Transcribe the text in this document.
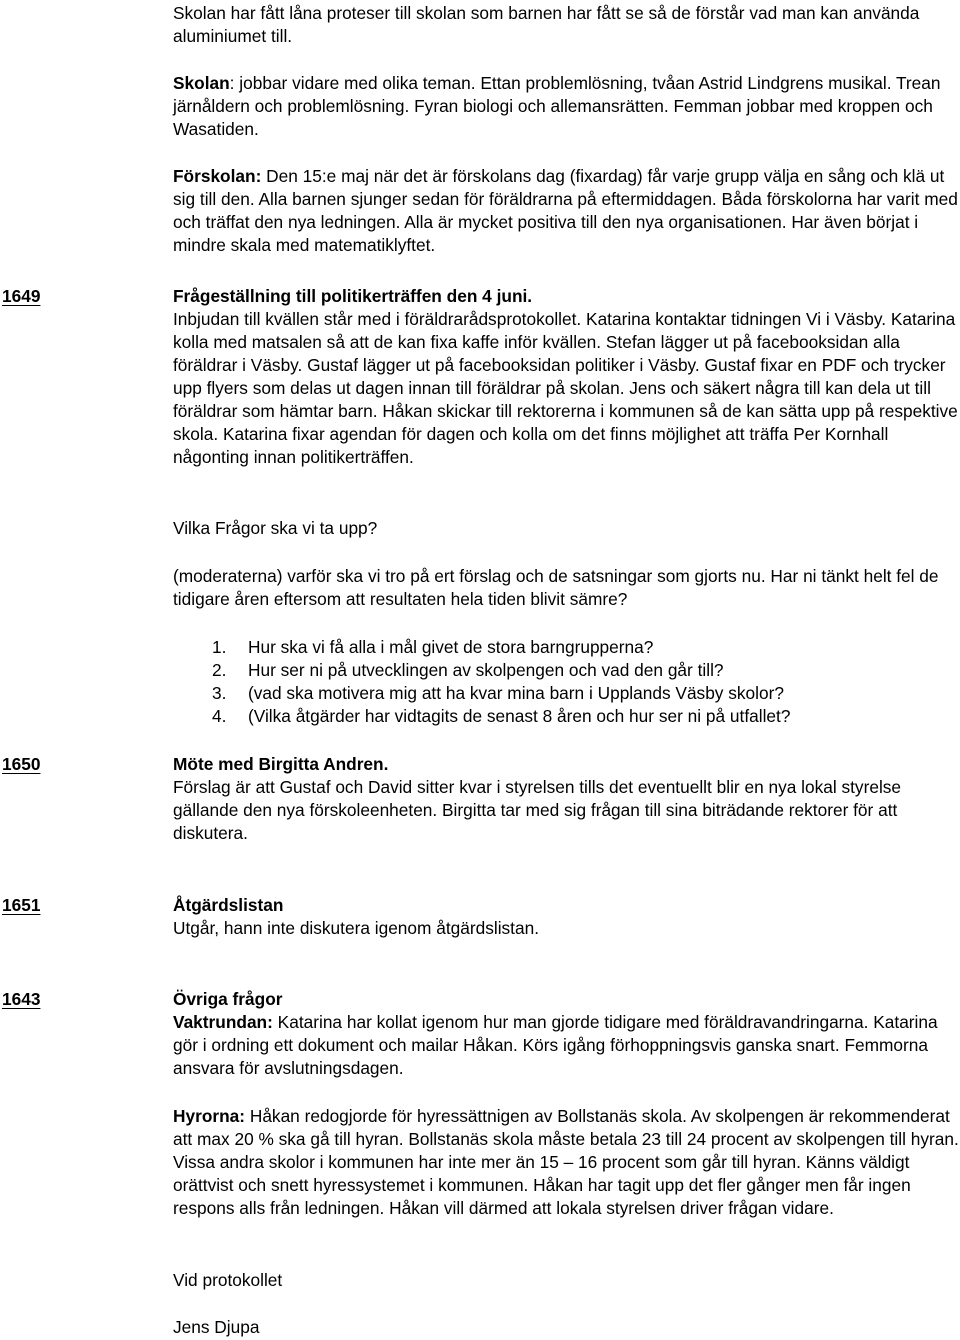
Skolan har fått låna proteser till skolan som barnen har fått se så de förstår vad man kan använda aluminiumet till.

Skolan: jobbar vidare med olika teman. Ettan problemlösning, tvåan Astrid Lindgrens musikal. Trean järnåldern och problemlösning. Fyran biologi och allemansrätten. Femman jobbar med kroppen och Wasatiden.

Förskolan: Den 15:e maj när det är förskolans dag (fixardag) får varje grupp välja en sång och klä ut sig till den. Alla barnen sjunger sedan för föräldrarna på eftermiddagen. Båda förskolorna har varit med och träffat den nya ledningen. Alla är mycket positiva till den nya organisationen. Har även börjat i mindre skala med matematiklyftet.

1649	Frågeställning till politikerträffen den 4 juni.

Inbjudan till kvällen står med i föräldrarådsprotokollet. Katarina kontaktar tidningen Vi i Väsby. Katarina kolla med matsalen så att de kan fixa kaffe inför kvällen. Stefan lägger ut på facebooksidan alla föräldrar i Väsby. Gustaf lägger ut på facebooksidan politiker i Väsby. Gustaf fixar en PDF och trycker upp flyers som delas ut dagen innan till föräldrar på skolan. Jens och säkert några till kan dela ut till föräldrar som hämtar barn. Håkan skickar till rektorerna i kommunen så de kan sätta upp på respektive skola. Katarina fixar agendan för dagen och kolla om det finns möjlighet att träffa Per Kornhall någonting innan politikerträffen.

Vilka Frågor ska vi ta upp?

(moderaterna) varför ska vi tro på ert förslag och de satsningar som gjorts nu. Har ni tänkt helt fel de tidigare åren eftersom att resultaten hela tiden blivit sämre?

1. Hur ska vi få alla i mål givet de stora barngrupperna?
2. Hur ser ni på utvecklingen av skolpengen och vad den går till?
3. (vad ska motivera mig att ha kvar mina barn i Upplands Väsby skolor?
4. (Vilka åtgärder har vidtagits de senast 8 åren och hur ser ni på utfallet?
1650	Möte med Birgitta Andren.

Förslag är att Gustaf och David sitter kvar i styrelsen tills det eventuellt blir en nya lokal styrelse gällande den nya förskoleenheten. Birgitta tar med sig frågan till sina biträdande rektorer för att diskutera.

1651	Åtgärdslistan

Utgår, hann inte diskutera igenom åtgärdslistan.

1643	Övriga frågor

Vaktrundan: Katarina har kollat igenom hur man gjorde tidigare med föräldravandringarna. Katarina gör i ordning ett dokument och mailar Håkan. Körs igång förhoppningsvis ganska snart. Femmorna ansvara för avslutningsdagen.

Hyrorna: Håkan redogjorde för hyressättnigen av Bollstanäs skola. Av skolpengen är rekommenderat att max 20 % ska gå till hyran. Bollstanäs skola måste betala 23 till 24 procent av skolpengen till hyran. Vissa andra skolor i kommunen har inte mer än 15 – 16 procent som går till hyran. Känns väldigt orättvist och snett hyressystemet i kommunen. Håkan har tagit upp det fler gånger men får ingen respons alls från ledningen. Håkan vill därmed att lokala styrelsen driver frågan vidare.

Vid protokollet

Jens Djupa
